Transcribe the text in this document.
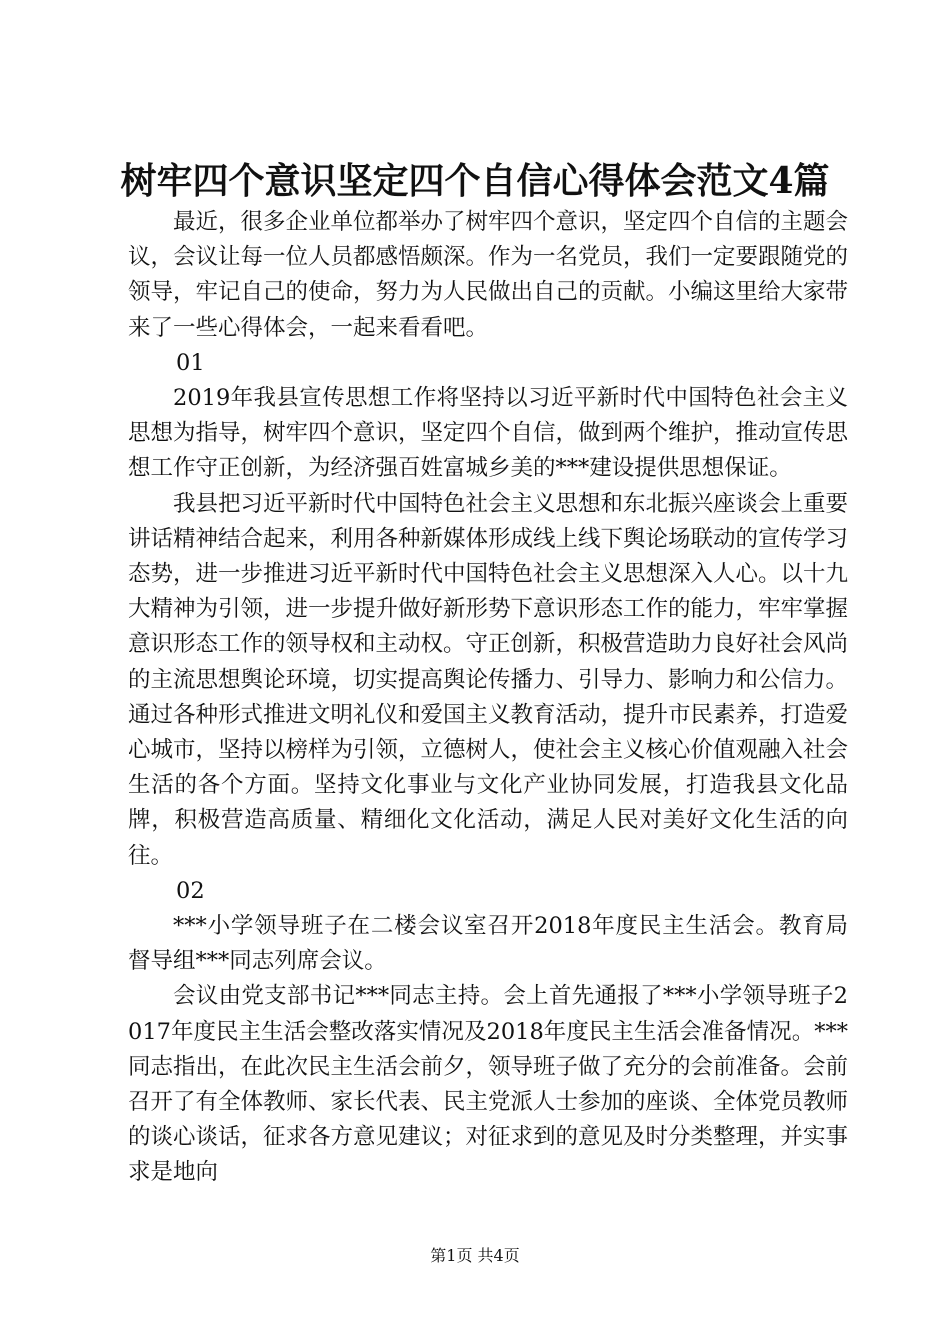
树牢四个意识坚定四个自信心得体会范文4篇

最近，很多企业单位都举办了树牢四个意识，坚定四个自信的主题会议，会议让每一位人员都感悟颇深。作为一名党员，我们一定要跟随党的领导，牢记自己的使命，努力为人民做出自己的贡献。小编这里给大家带来了一些心得体会，一起来看看吧。

01

2019年我县宣传思想工作将坚持以习近平新时代中国特色社会主义思想为指导，树牢四个意识，坚定四个自信，做到两个维护，推动宣传思想工作守正创新，为经济强百姓富城乡美的***建设提供思想保证。

我县把习近平新时代中国特色社会主义思想和东北振兴座谈会上重要讲话精神结合起来，利用各种新媒体形成线上线下舆论场联动的宣传学习态势，进一步推进习近平新时代中国特色社会主义思想深入人心。以十九大精神为引领，进一步提升做好新形势下意识形态工作的能力，牢牢掌握意识形态工作的领导权和主动权。守正创新，积极营造助力良好社会风尚的主流思想舆论环境，切实提高舆论传播力、引导力、影响力和公信力。通过各种形式推进文明礼仪和爱国主义教育活动，提升市民素养，打造爱心城市，坚持以榜样为引领，立德树人，使社会主义核心价值观融入社会生活的各个方面。坚持文化事业与文化产业协同发展，打造我县文化品牌，积极营造高质量、精细化文化活动，满足人民对美好文化生活的向往。

02

***小学领导班子在二楼会议室召开2018年度民主生活会。教育局督导组***同志列席会议。

会议由党支部书记***同志主持。会上首先通报了***小学领导班子2017年度民主生活会整改落实情况及2018年度民主生活会准备情况。***同志指出，在此次民主生活会前夕，领导班子做了充分的会前准备。会前召开了有全体教师、家长代表、民主党派人士参加的座谈、全体党员教师的谈心谈话，征求各方意见建议；对征求到的意见及时分类整理，并实事求是地向

第1页 共4页
